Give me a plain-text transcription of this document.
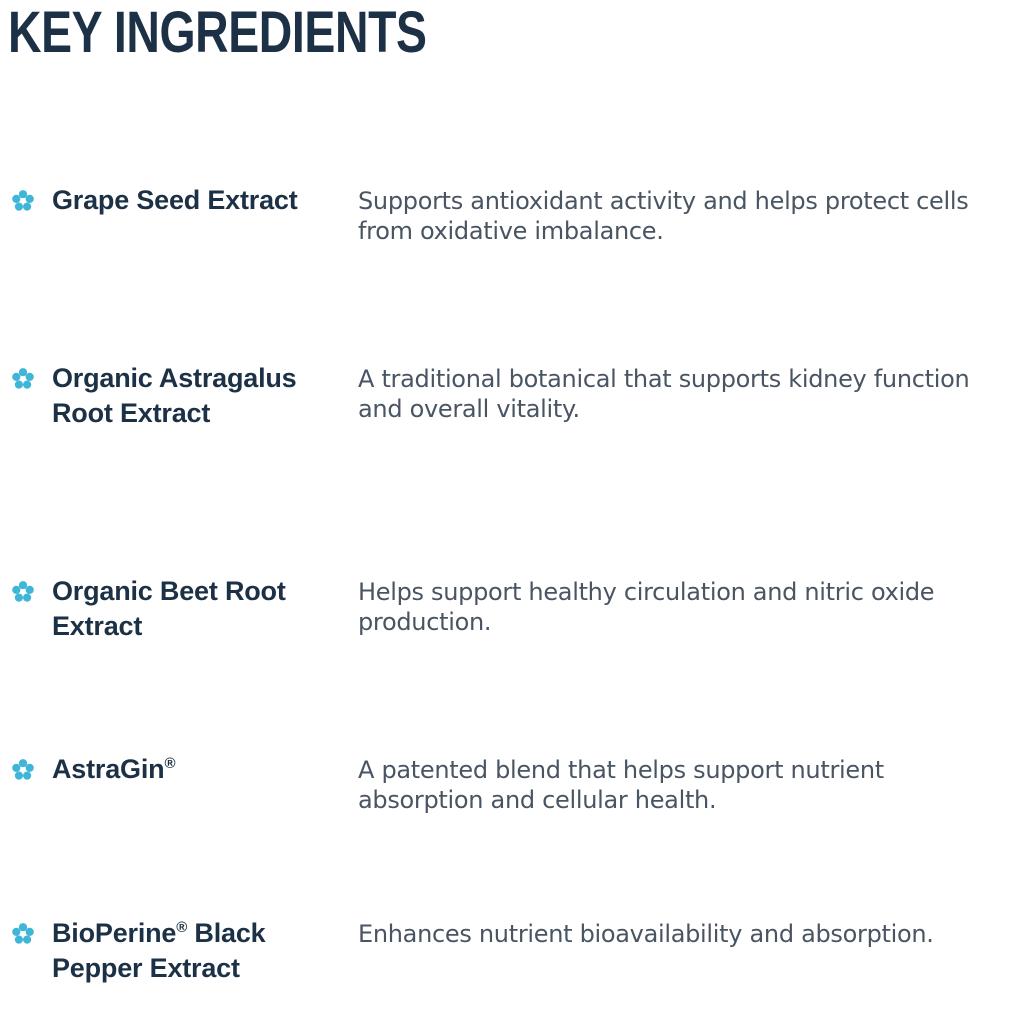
KEY INGREDIENTS
Grape Seed Extract	Supports antioxidant activity and helps protect cells from oxidative imbalance.
Organic Astragalus Root Extract
A traditional botanical that supports kidney function and overall vitality.
Organic Beet Root Extract
Helps support healthy circulation and nitric oxide production.
AstraGin®	A patented blend that helps support nutrient absorption and cellular health.
BioPerine® Black Pepper Extract
Enhances nutrient bioavailability and absorption.
